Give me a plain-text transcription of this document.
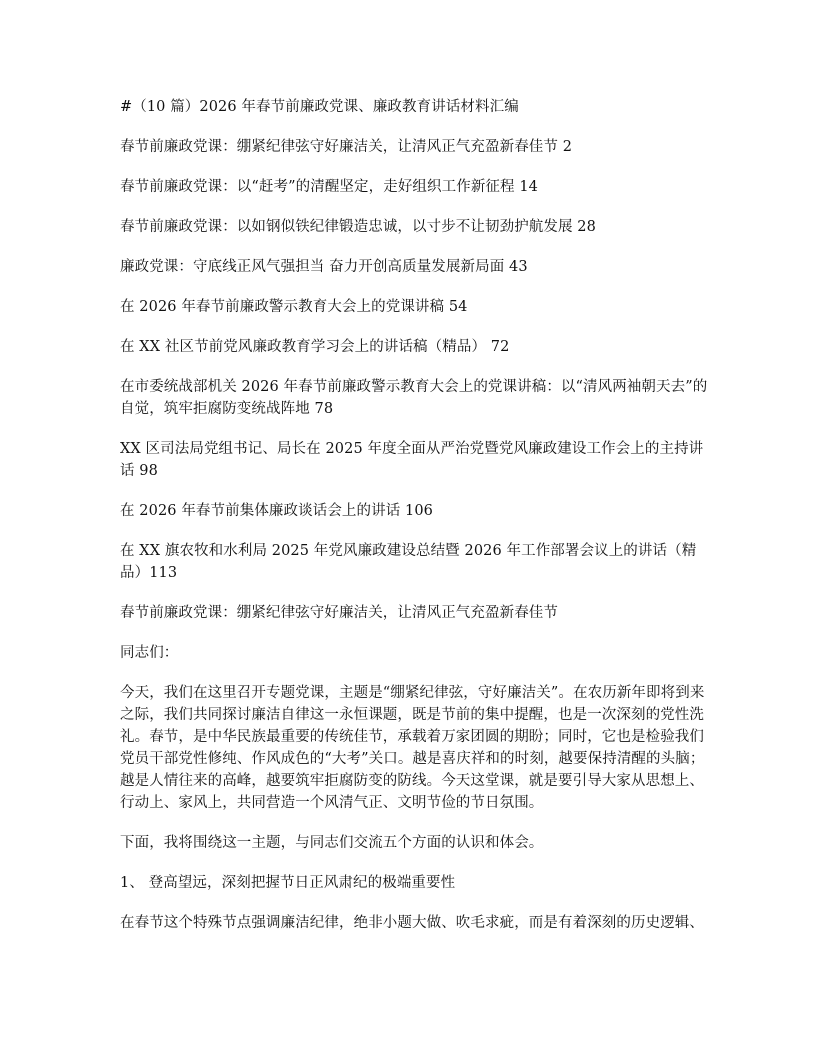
#（10 篇）2026 年春节前廉政党课、廉政教育讲话材料汇编

春节前廉政党课：绷紧纪律弦守好廉洁关，让清风正气充盈新春佳节 2

春节前廉政党课：以“赶考”的清醒坚定，走好组织工作新征程 14

春节前廉政党课：以如钢似铁纪律锻造忠诚，以寸步不让韧劲护航发展 28

廉政党课：守底线正风气强担当 奋力开创高质量发展新局面 43

在 2026 年春节前廉政警示教育大会上的党课讲稿 54

在 XX 社区节前党风廉政教育学习会上的讲话稿（精品） 72

在市委统战部机关 2026 年春节前廉政警示教育大会上的党课讲稿：以“清风两袖朝天去”的自觉，筑牢拒腐防变统战阵地 78

XX 区司法局党组书记、局长在 2025 年度全面从严治党暨党风廉政建设工作会上的主持讲话 98

在 2026 年春节前集体廉政谈话会上的讲话 106

在 XX 旗农牧和水利局 2025 年党风廉政建设总结暨 2026 年工作部署会议上的讲话（精品）113

春节前廉政党课：绷紧纪律弦守好廉洁关，让清风正气充盈新春佳节

同志们：

今天，我们在这里召开专题党课，主题是“绷紧纪律弦，守好廉洁关”。在农历新年即将到来之际，我们共同探讨廉洁自律这一永恒课题，既是节前的集中提醒，也是一次深刻的党性洗礼。春节，是中华民族最重要的传统佳节，承载着万家团圆的期盼；同时，它也是检验我们党员干部党性修纯、作风成色的“大考”关口。越是喜庆祥和的时刻，越要保持清醒的头脑；越是人情往来的高峰，越要筑牢拒腐防变的防线。今天这堂课，就是要引导大家从思想上、行动上、家风上，共同营造一个风清气正、文明节俭的节日氛围。

下面，我将围绕这一主题，与同志们交流五个方面的认识和体会。

1、 登高望远，深刻把握节日正风肃纪的极端重要性

在春节这个特殊节点强调廉洁纪律，绝非小题大做、吹毛求疵，而是有着深刻的历史逻辑、
